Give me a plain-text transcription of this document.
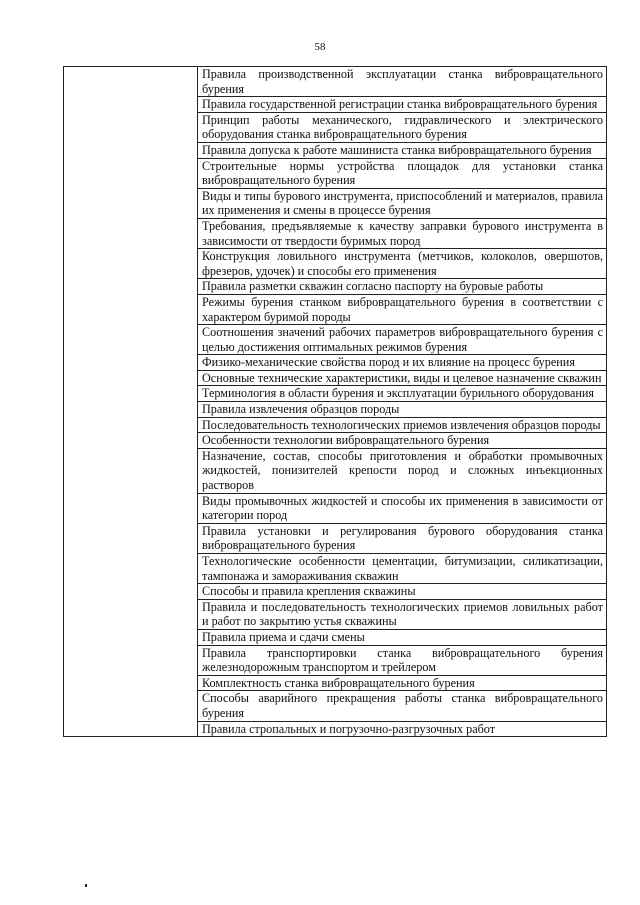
58
	Правила производственной эксплуатации станка вибровращательного бурения
Правила государственной регистрации станка вибровращательного бурения
Принцип работы механического, гидравлического и электрического оборудования станка вибровращательного бурения
Правила допуска к работе машиниста станка вибровращательного бурения
Строительные нормы устройства площадок для установки станка вибровращательного бурения
Виды и типы бурового инструмента, приспособлений и материалов, правила их применения и смены в процессе бурения
Требования, предъявляемые к качеству заправки бурового инструмента в зависимости от твердости буримых пород
Конструкция ловильного инструмента (метчиков, колоколов, овершотов, фрезеров, удочек) и способы его применения
Правила разметки скважин согласно паспорту на буровые работы
Режимы бурения станком вибровращательного бурения в соответствии с характером буримой породы
Соотношения значений рабочих параметров вибровращательного бурения с целью достижения оптимальных режимов бурения
Физико-механические свойства пород и их влияние на процесс бурения
Основные технические характеристики, виды и целевое назначение скважин
Терминология в области бурения и эксплуатации бурильного оборудования
Правила извлечения образцов породы
Последовательность технологических приемов извлечения образцов породы
Особенности технологии вибровращательного бурения
Назначение, состав, способы приготовления и обработки промывочных жидкостей, понизителей крепости пород и сложных инъекционных растворов
Виды промывочных жидкостей и способы их применения в зависимости от категории пород
Правила установки и регулирования бурового оборудования станка вибровращательного бурения
Технологические особенности цементации, битумизации, силикатизации, тампонажа и замораживания скважин
Способы и правила крепления скважины
Правила и последовательность технологических приемов ловильных работ и работ по закрытию устья скважины
Правила приема и сдачи смены
Правила транспортировки станка вибровращательного бурения железнодорожным транспортом и трейлером
Комплектность станка вибровращательного бурения
Способы аварийного прекращения работы станка вибровращательного бурения
Правила стропальных и погрузочно-разгрузочных работ
